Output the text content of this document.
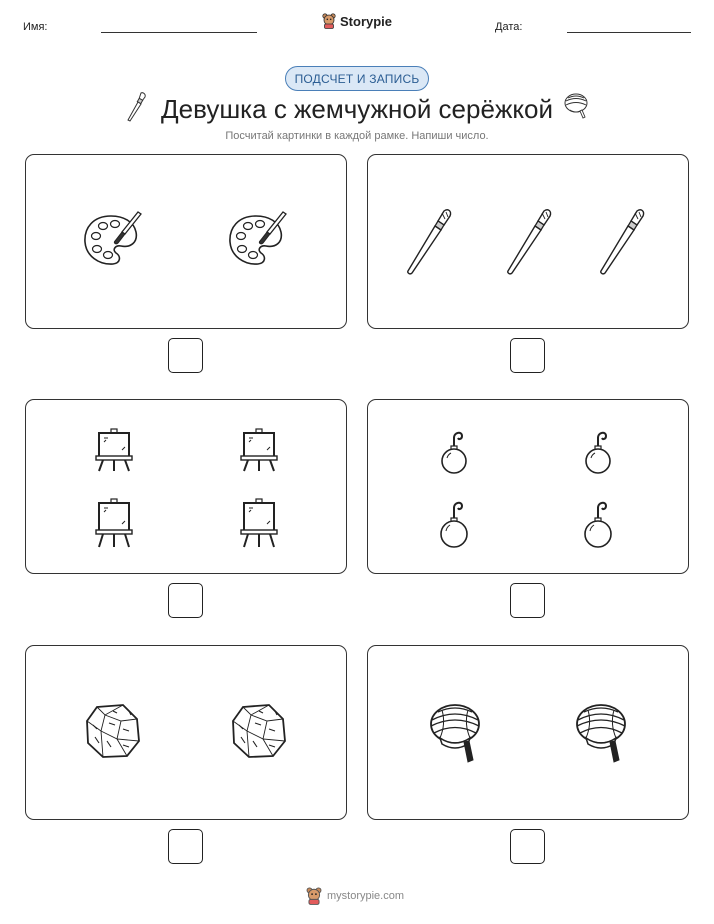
Имя:	Storypie	Дата:
ПОДСЧЕТ И ЗАПИСЬ
Девушка с жемчужной серёжкой
Посчитай картинки в каждой рамке. Напиши число.
mystorypie.com
